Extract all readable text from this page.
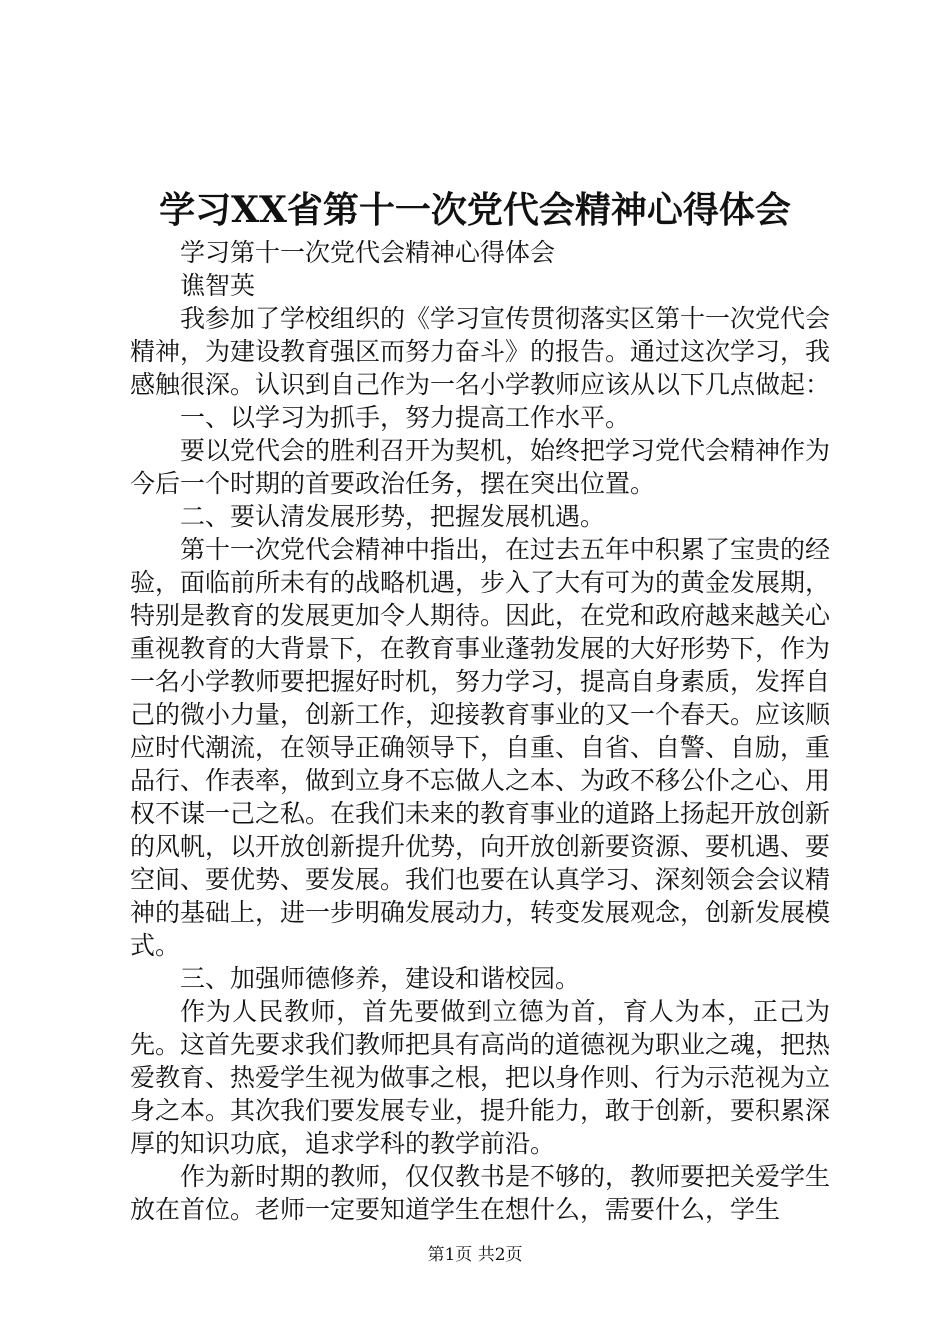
学习XX省第十一次党代会精神心得体会

学习第十一次党代会精神心得体会

谯智英

我参加了学校组织的《学习宣传贯彻落实区第十一次党代会精神，为建设教育强区而努力奋斗》的报告。通过这次学习，我感触很深。认识到自己作为一名小学教师应该从以下几点做起：

一、以学习为抓手，努力提高工作水平。

要以党代会的胜利召开为契机，始终把学习党代会精神作为今后一个时期的首要政治任务，摆在突出位置。

二、要认清发展形势，把握发展机遇。

第十一次党代会精神中指出，在过去五年中积累了宝贵的经验，面临前所未有的战略机遇，步入了大有可为的黄金发展期，特别是教育的发展更加令人期待。因此，在党和政府越来越关心重视教育的大背景下，在教育事业蓬勃发展的大好形势下，作为一名小学教师要把握好时机，努力学习，提高自身素质，发挥自己的微小力量，创新工作，迎接教育事业的又一个春天。应该顺应时代潮流，在领导正确领导下，自重、自省、自警、自励，重品行、作表率，做到立身不忘做人之本、为政不移公仆之心、用权不谋一己之私。在我们未来的教育事业的道路上扬起开放创新的风帆，以开放创新提升优势，向开放创新要资源、要机遇、要空间、要优势、要发展。我们也要在认真学习、深刻领会会议精神的基础上，进一步明确发展动力，转变发展观念，创新发展模式。

三、加强师德修养，建设和谐校园。

作为人民教师，首先要做到立德为首，育人为本，正己为先。这首先要求我们教师把具有高尚的道德视为职业之魂，把热爱教育、热爱学生视为做事之根，把以身作则、行为示范视为立身之本。其次我们要发展专业，提升能力，敢于创新，要积累深厚的知识功底，追求学科的教学前沿。

作为新时期的教师，仅仅教书是不够的，教师要把关爱学生放在首位。老师一定要知道学生在想什么，需要什么，学生

第1页 共2页
